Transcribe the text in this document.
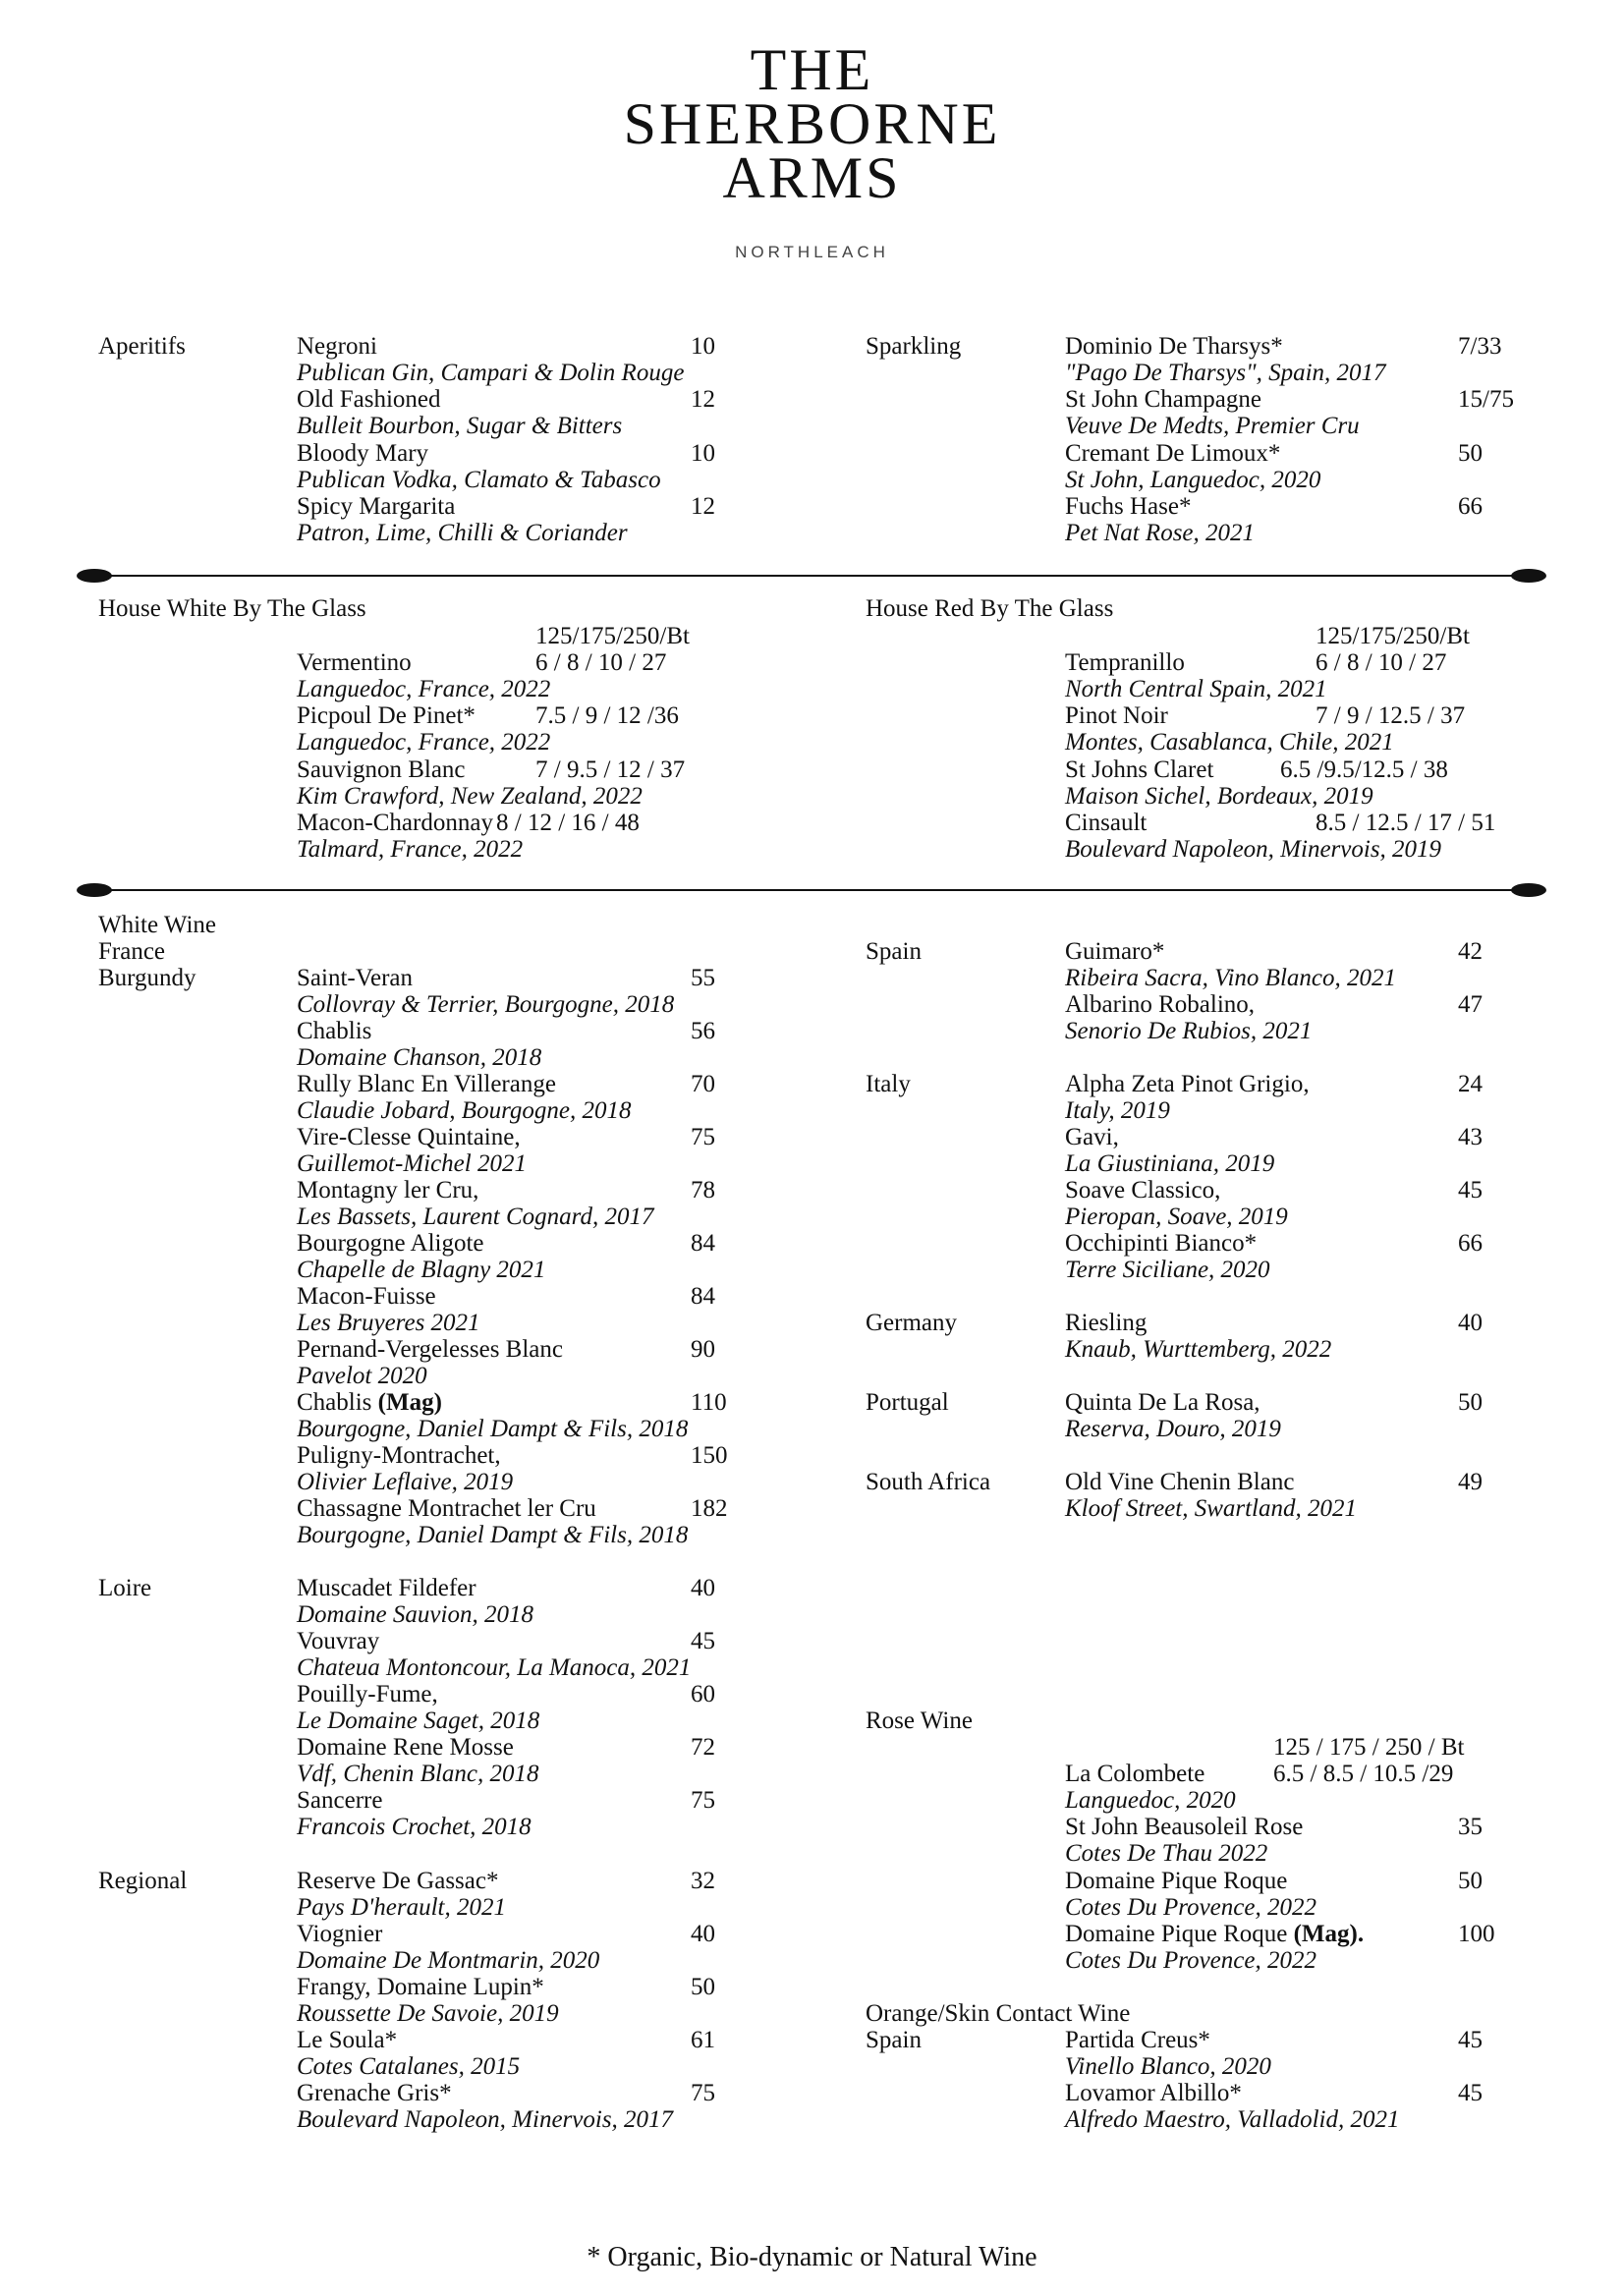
THE
SHERBORNE
ARMS
NORTHLEACH
Aperitifs	Negroni	10
Publican Gin, Campari & Dolin Rouge
Old Fashioned	12
Bulleit Bourbon, Sugar & Bitters
Bloody Mary	10
Publican Vodka, Clamato & Tabasco
Spicy Margarita	12
Patron, Lime, Chilli & Coriander
Sparkling	Dominio De Tharsys*	7/33
"Pago De Tharsys", Spain, 2017
St John Champagne	15/75
Veuve De Medts, Premier Cru
Cremant De Limoux*	50
St John, Languedoc, 2020
Fuchs Hase*	66
Pet Nat Rose, 2021
House White By The Glass
125/175/250/Bt
Vermentino	6 / 8 / 10 / 27
Languedoc, France, 2022
Picpoul De Pinet* 7.5 / 9 / 12 /36
Languedoc, France, 2022
Sauvignon Blanc	7 / 9.5 / 12 / 37
Kim Crawford, New Zealand, 2022
Macon-Chardonnay 8 / 12 / 16 / 48
Talmard, France, 2022
House Red By The Glass
125/175/250/Bt
Tempranillo	6 / 8 / 10 / 27
North Central Spain, 2021
Pinot Noir	7 / 9 / 12.5 / 37
Montes, Casablanca, Chile, 2021
St Johns Claret	6.5 /9.5/12.5 / 38
Maison Sichel, Bordeaux, 2019
Cinsault	8.5 / 12.5 / 17 / 51
Boulevard Napoleon, Minervois, 2019
White Wine
France
Burgundy	Saint-Veran	55
Collovray & Terrier, Bourgogne, 2018
Chablis	56
Domaine Chanson, 2018
Rully Blanc En Villerange	70
Claudie Jobard, Bourgogne, 2018
Vire-Clesse Quintaine,	75
Guillemot-Michel 2021
Montagny ler Cru,	78
Les Bassets, Laurent Cognard, 2017
Bourgogne Aligote	84
Chapelle de Blagny 2021
Macon-Fuisse	84
Les Bruyeres 2021
Pernand-Vergelesses Blanc	90
Pavelot 2020
Chablis (Mag)	110
Bourgogne, Daniel Dampt & Fils, 2018
Puligny-Montrachet,	150
Olivier Leflaive, 2019
Chassagne Montrachet ler Cru	182
Bourgogne, Daniel Dampt & Fils, 2018
Loire	Muscadet Fildefer	40
Domaine Sauvion, 2018
Vouvray	45
Chateua Montoncour, La Manoca, 2021
Pouilly-Fume,	60
Le Domaine Saget, 2018
Domaine Rene Mosse	72
Vdf, Chenin Blanc, 2018
Sancerre	75
Francois Crochet, 2018
Regional	Reserve De Gassac*	32
Pays D'herault, 2021
Viognier	40
Domaine De Montmarin, 2020
Frangy, Domaine Lupin*	50
Roussette De Savoie, 2019
Le Soula*	61
Cotes Catalanes, 2015
Grenache Gris*	75
Boulevard Napoleon, Minervois, 2017
Spain	Guimaro*	42
Ribeira Sacra, Vino Blanco, 2021
Albarino Robalino,	47
Senorio De Rubios, 2021
Italy	Alpha Zeta Pinot Grigio,	24
Italy, 2019
Gavi,	43
La Giustiniana, 2019
Soave Classico,	45
Pieropan, Soave, 2019
Occhipinti Bianco*	66
Terre Siciliane, 2020
Germany	Riesling	40
Knaub, Wurttemberg, 2022
Portugal	Quinta De La Rosa,	50
Reserva, Douro, 2019
South Africa	Old Vine Chenin Blanc	49
Kloof Street, Swartland, 2021
Rose Wine
125 / 175 / 250 / Bt
La Colombete	6.5 / 8.5 / 10.5 /29
Languedoc, 2020
St John Beausoleil Rose	35
Cotes De Thau 2022
Domaine Pique Roque	50
Cotes Du Provence, 2022
Domaine Pique Roque (Mag).	100
Cotes Du Provence, 2022
Orange/Skin Contact Wine
Spain	Partida Creus*	45
Vinello Blanco, 2020
Lovamor Albillo*	45
Alfredo Maestro, Valladolid, 2021
* Organic, Bio-dynamic or Natural Wine
